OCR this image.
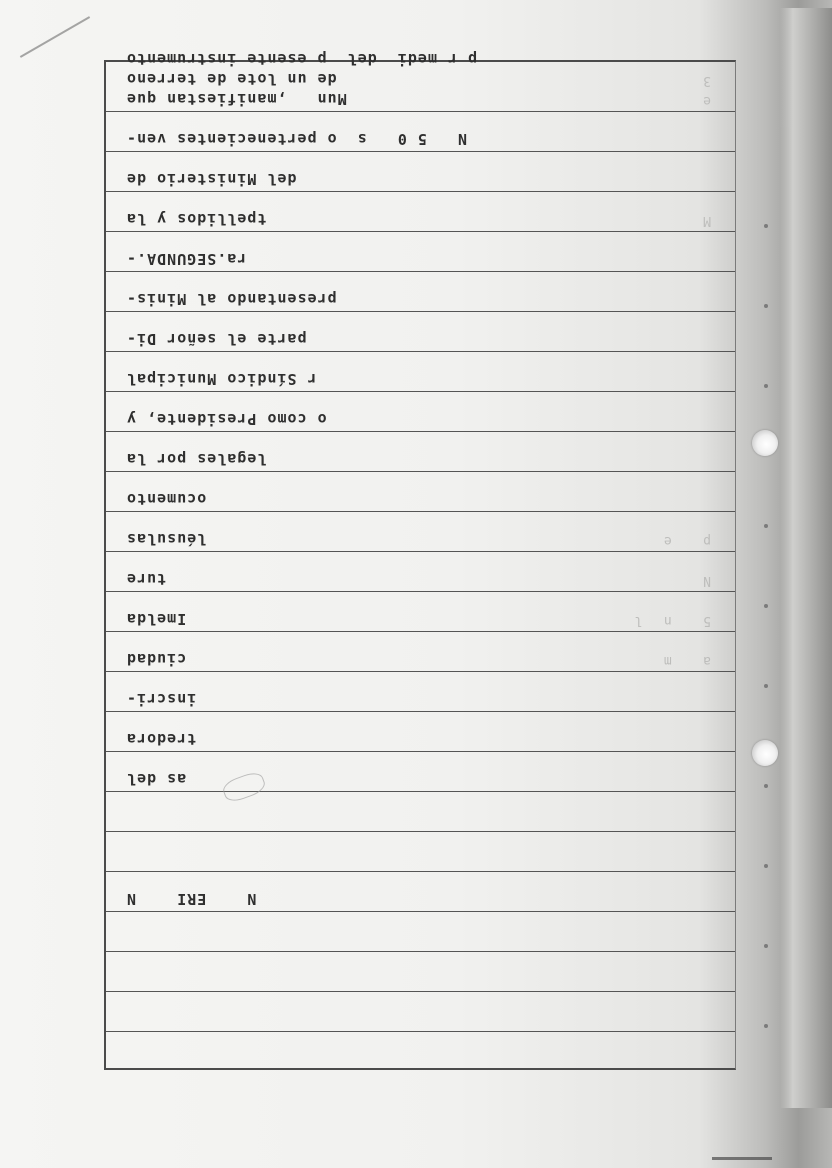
N    ERI    N
as del
tredora
inscri-
a   m
ciudad
5   n  l
Imelda
N
ture
p   e
léusulas
ocumento
legales por la
o como Presidente, y
r Síndico Municipal
parte el señor Di-
presentando al Minis-
ra.SEGUNDA.-
M
tpellidos y la
del Ministerio de
N   5 0   s  o pertenecientes ven-
e
Mun   ,manifiestan que
3
de un lote de terreno
p r medi  del  p esente instrumento
